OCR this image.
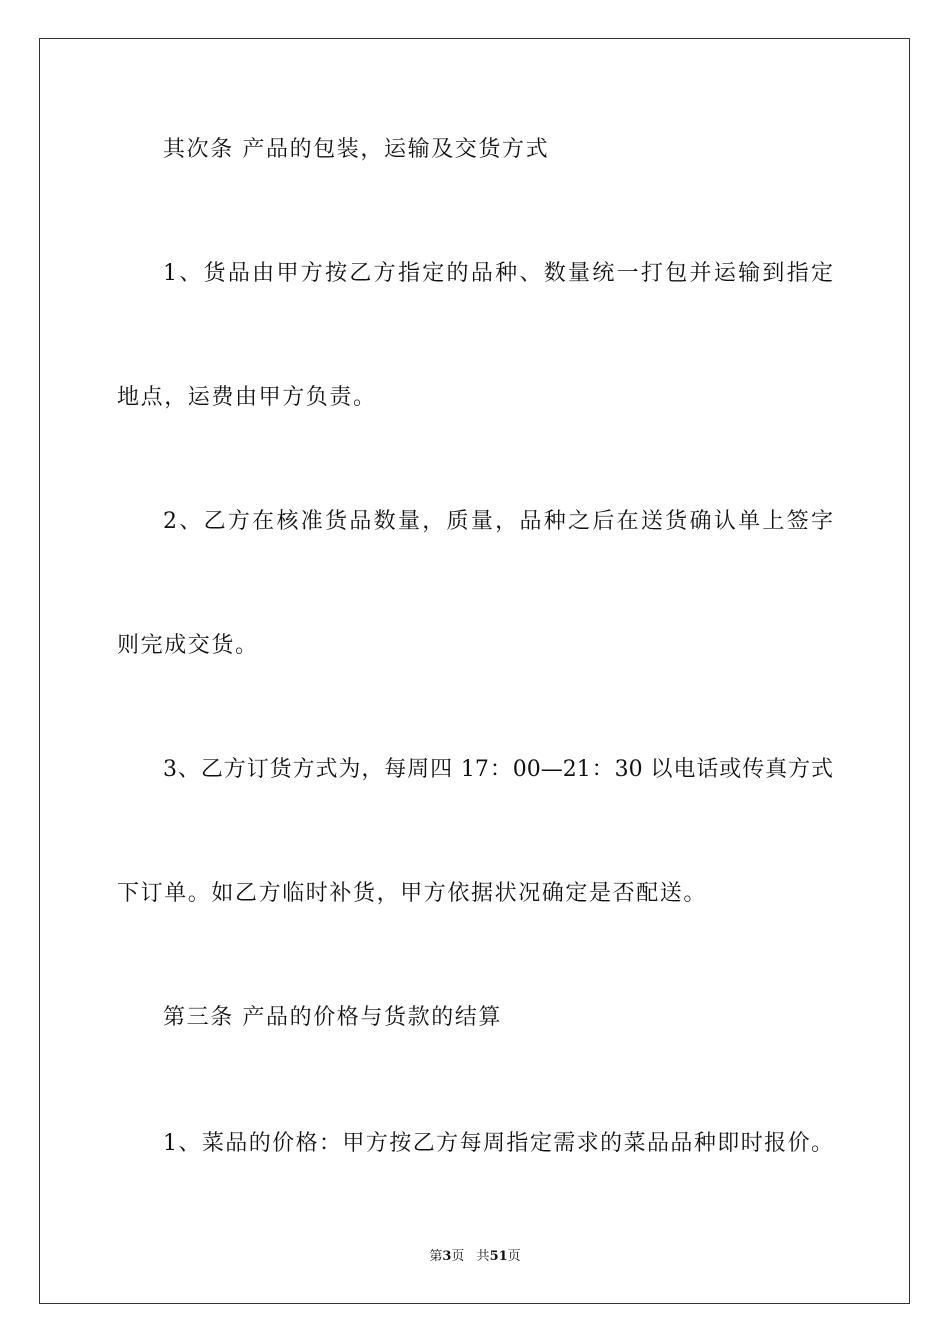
其次条 产品的包装，运输及交货方式
1、货品由甲方按乙方指定的品种、数量统一打包并运输到指定
地点，运费由甲方负责。
2、乙方在核准货品数量，质量，品种之后在送货确认单上签字
则完成交货。
3、乙方订货方式为，每周四 17：00—21：30 以电话或传真方式
下订单。如乙方临时补货，甲方依据状况确定是否配送。
第三条 产品的价格与货款的结算
1、菜品的价格：甲方按乙方每周指定需求的菜品品种即时报价。
第3页 共51页
